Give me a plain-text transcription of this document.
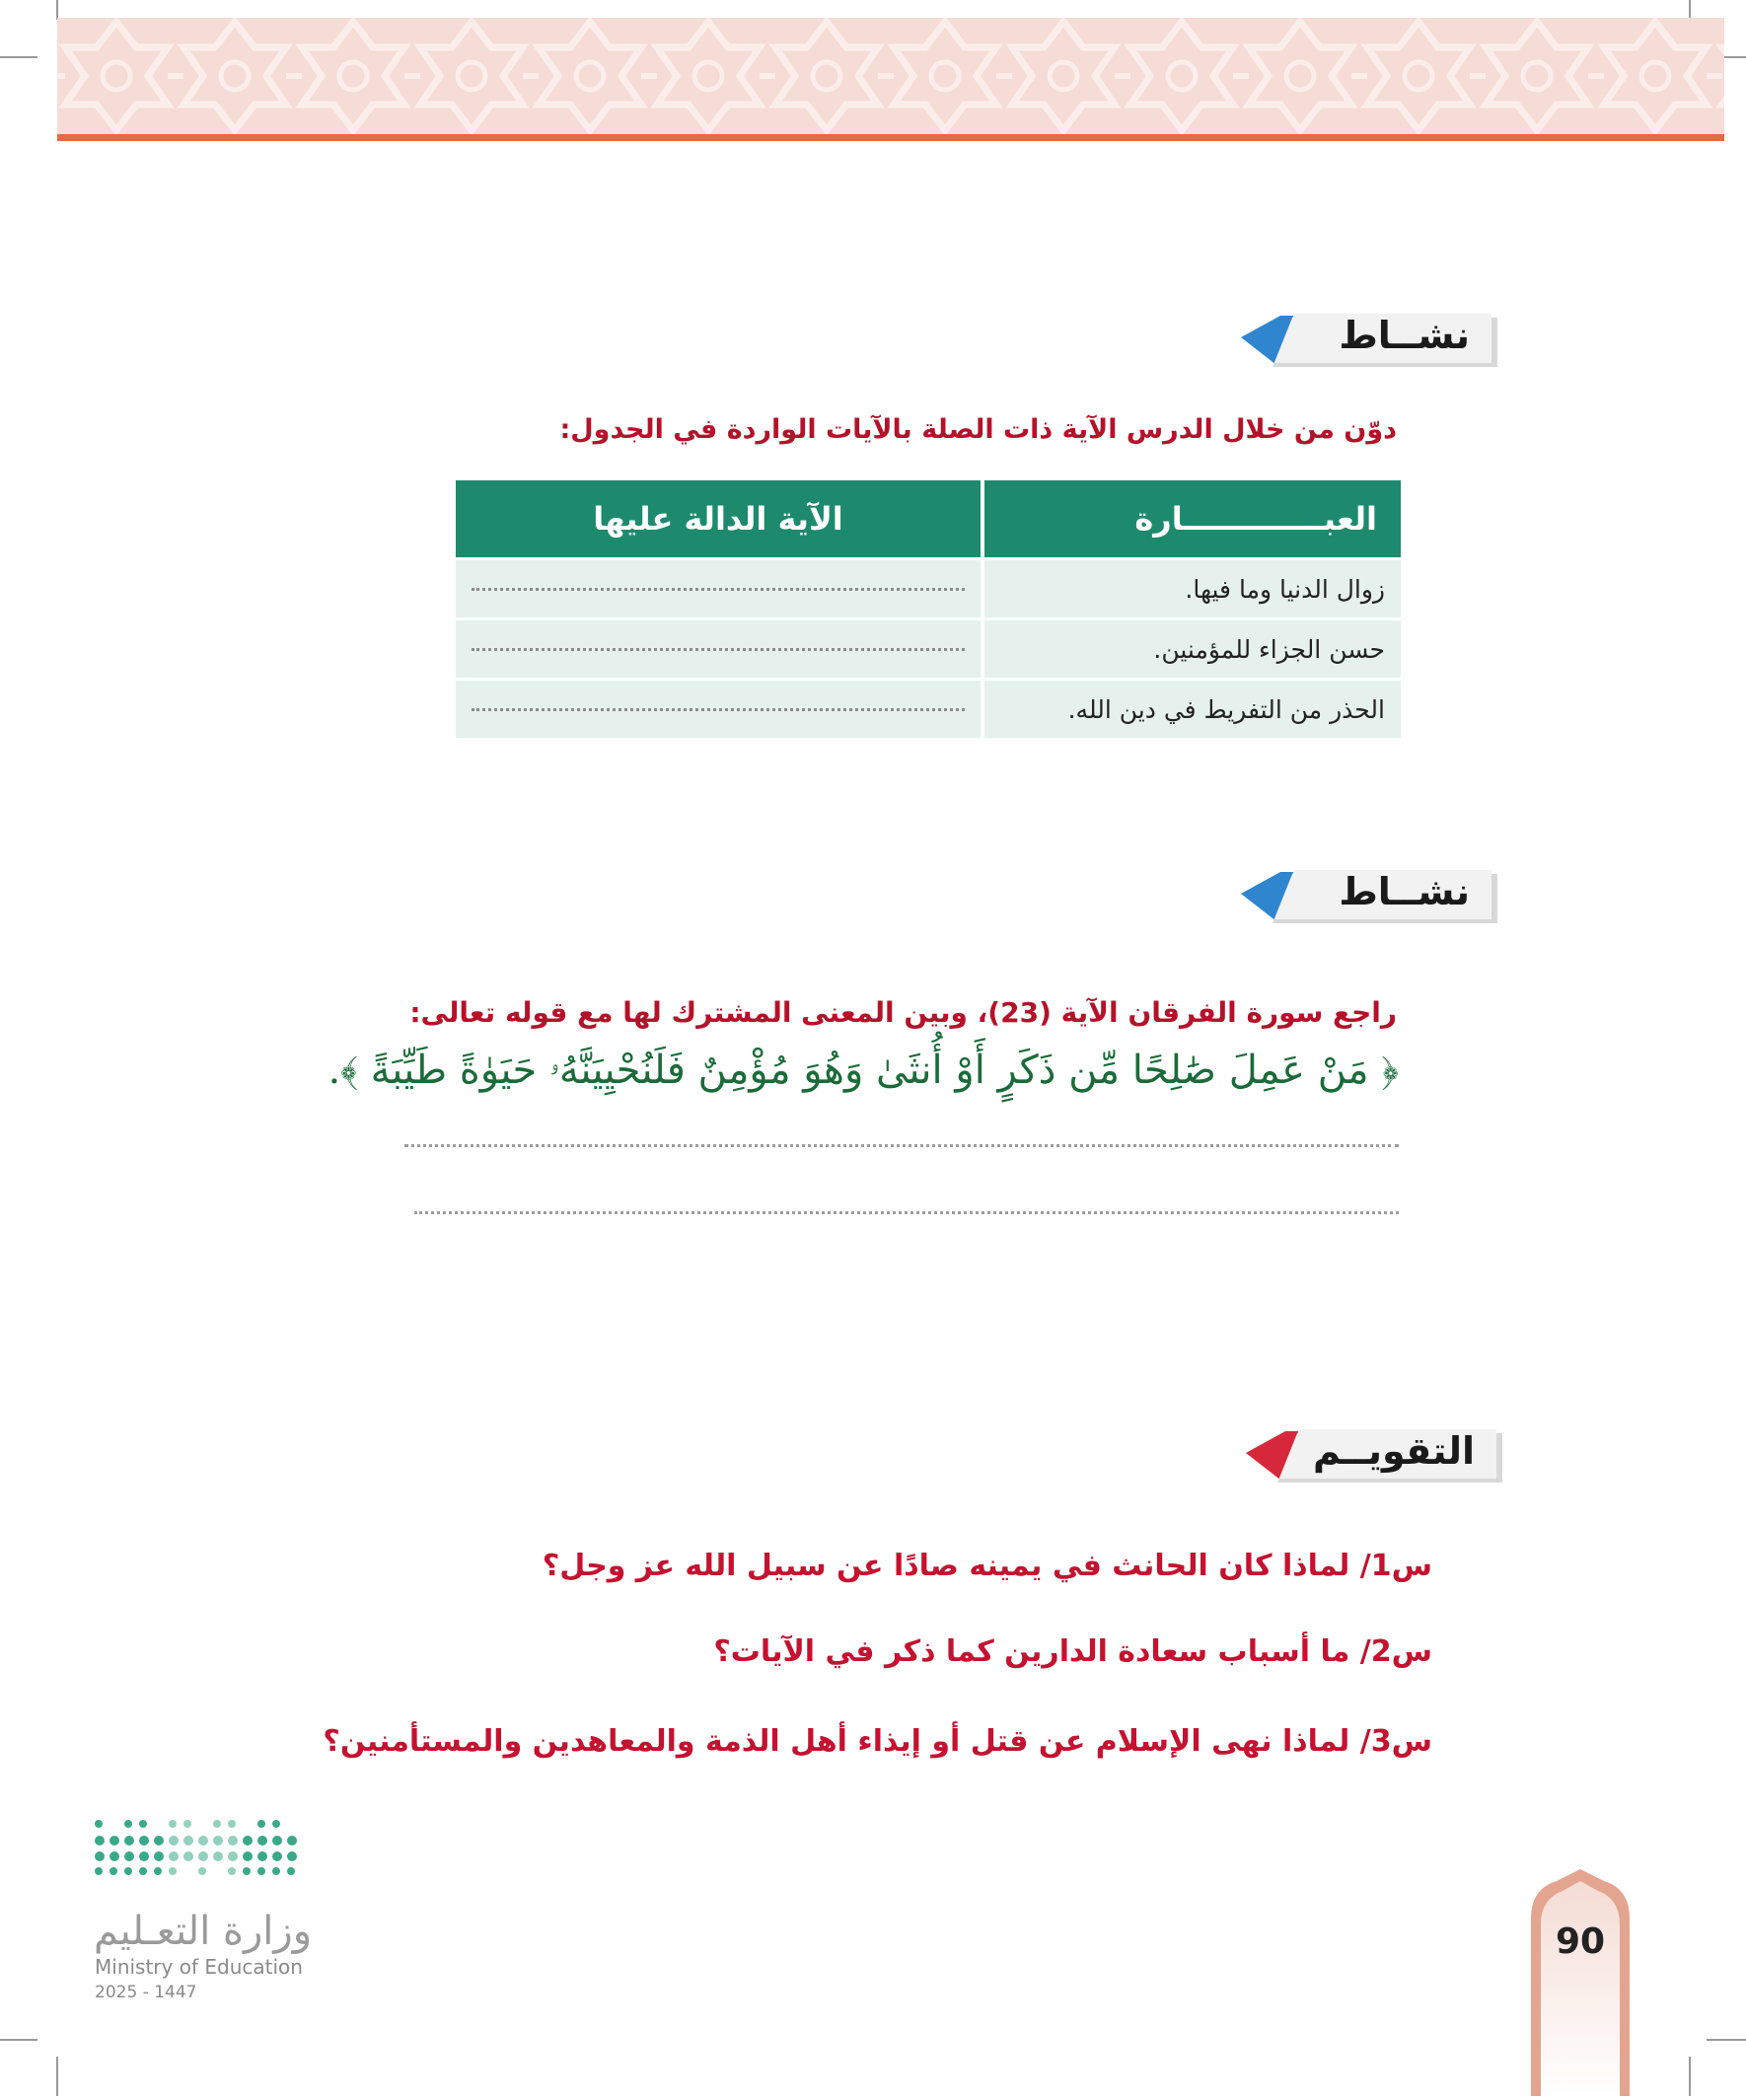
نشــاط
دوّن من خلال الدرس الآية ذات الصلة بالآيات الواردة في الجدول:
العبـــــــــــــارة	الآية الدالة عليها
زوال الدنيا وما فيها.	

حسن الجزاء للمؤمنين.	

الحذر من التفريط في دين الله.	
نشــاط
راجع سورة الفرقان الآية (23)، وبين المعنى المشترك لها مع قوله تعالى:
﴿ مَنْ عَمِلَ صَٰلِحًا مِّن ذَكَرٍ أَوْ أُنثَىٰ وَهُوَ مُؤْمِنٌ فَلَنُحْيِيَنَّهُۥ حَيَوٰةً طَيِّبَةً ﴾.
التقويــم
س1/ لماذا كان الحانث في يمينه صادًا عن سبيل الله عز وجل؟
س2/ ما أسباب سعادة الدارين كما ذكر في الآيات؟
س3/ لماذا نهى الإسلام عن قتل أو إيذاء أهل الذمة والمعاهدين والمستأمنين؟
وزارة التعـليم
Ministry of Education
2025 - 1447
90
